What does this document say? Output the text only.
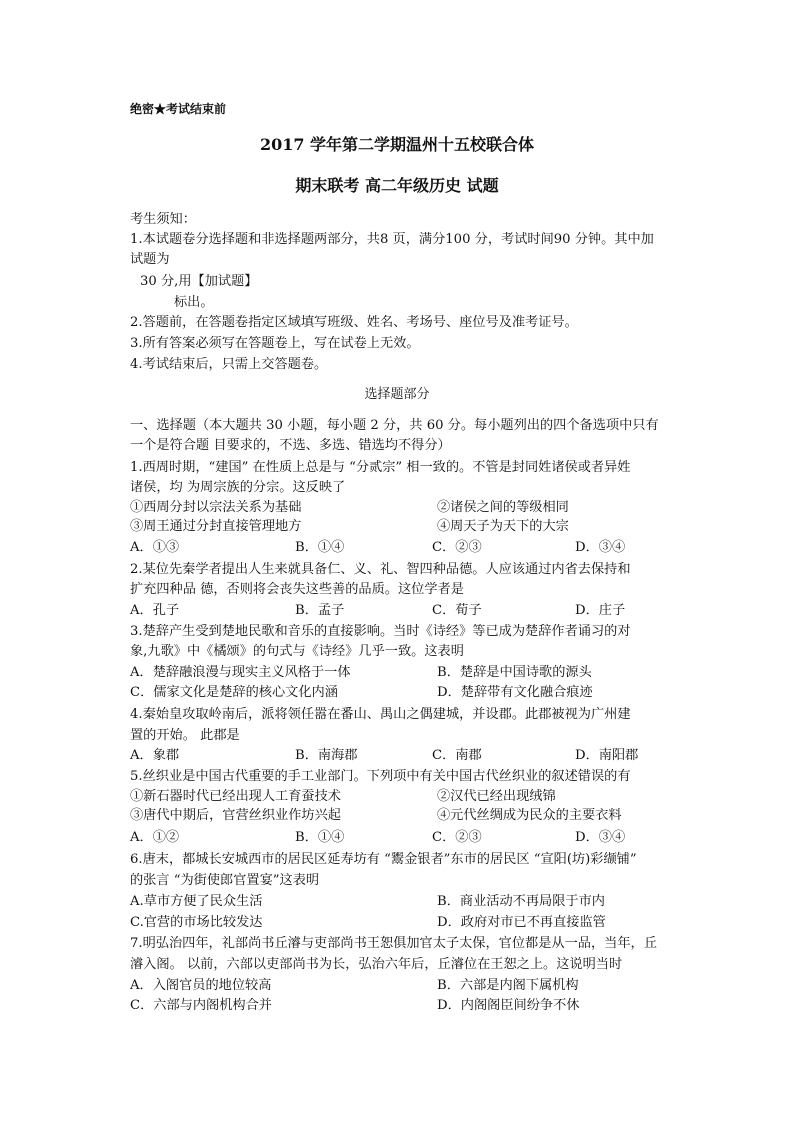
绝密★考试结束前
2017 学年第二学期温州十五校联合体
期末联考 高二年级历史 试题
考生须知：
1.本试题卷分选择题和非选择题两部分，共8 页，满分100 分，考试时间90 分钟。其中加
试题为
30 分,用【加试题】
标出。
2.答题前，在答题卷指定区域填写班级、姓名、考场号、座位号及准考证号。
3.所有答案必须写在答题卷上，写在试卷上无效。
4.考试结束后，只需上交答题卷。
选择题部分
一、选择题（本大题共 30 小题，每小题 2 分，共 60 分。每小题列出的四个备选项中只有
一个是符合题 目要求的，不选、多选、错选均不得分）
1.西周时期，“建国” 在性质上总是与 “分贰宗” 相一致的。不管是封同姓诸侯或者异姓
诸侯，均 为周宗族的分宗。这反映了
①西周分封以宗法关系为基础	②诸侯之间的等级相同
③周王通过分封直接管理地方	④周天子为天下的大宗
A．①③	B．①④	C．②③	D．③④
2.某位先秦学者提出人生来就具备仁、义、礼、智四种品德。人应该通过内省去保持和
扩充四种品 德，否则将会丧失这些善的品质。这位学者是
A．孔子	B．孟子	C．荀子	D．庄子
3.楚辞产生受到楚地民歌和音乐的直接影响。当时《诗经》等已成为楚辞作者诵习的对
象,九歌》中《橘颂》的句式与《诗经》几乎一致。这表明
A．楚辞融浪漫与现实主义风格于一体	B．楚辞是中国诗歌的源头
C．儒家文化是楚辞的核心文化内涵	D．楚辞带有文化融合痕迹
4.秦始皇攻取岭南后，派将领任嚣在番山、禺山之偶建城，并设郡。此郡被视为广州建
置的开始。 此郡是
A．象郡	B．南海郡	C．南郡	D．南阳郡
5.丝织业是中国古代重要的手工业部门。下列项中有关中国古代丝织业的叙述错误的有
①新石器时代已经出现人工育蚕技术	②汉代已经出现绒锦
③唐代中期后，官营丝织业作坊兴起	④元代丝绸成为民众的主要衣料
A．①②	B．①④	C．②③	D．③④
6.唐末，都城长安城西市的居民区延寿坊有 “鬻金银者”东市的居民区 “宣阳(坊)彩缬铺”
的张言 “为街使郎官置宴”这表明
A.草市方便了民众生活	B．商业活动不再局限于市内
C.官营的市场比较发达	D．政府对市已不再直接监管
7.明弘治四年，礼部尚书丘濬与吏部尚书王恕俱加官太子太保，官位都是从一品，当年，丘
濬入阁。 以前，六部以吏部尚书为长，弘治六年后，丘濬位在王恕之上。这说明当时
A．入阁官员的地位较高	B．六部是内阁下属机构
C．六部与内阁机构合并	D．内阁阁臣间纷争不休
